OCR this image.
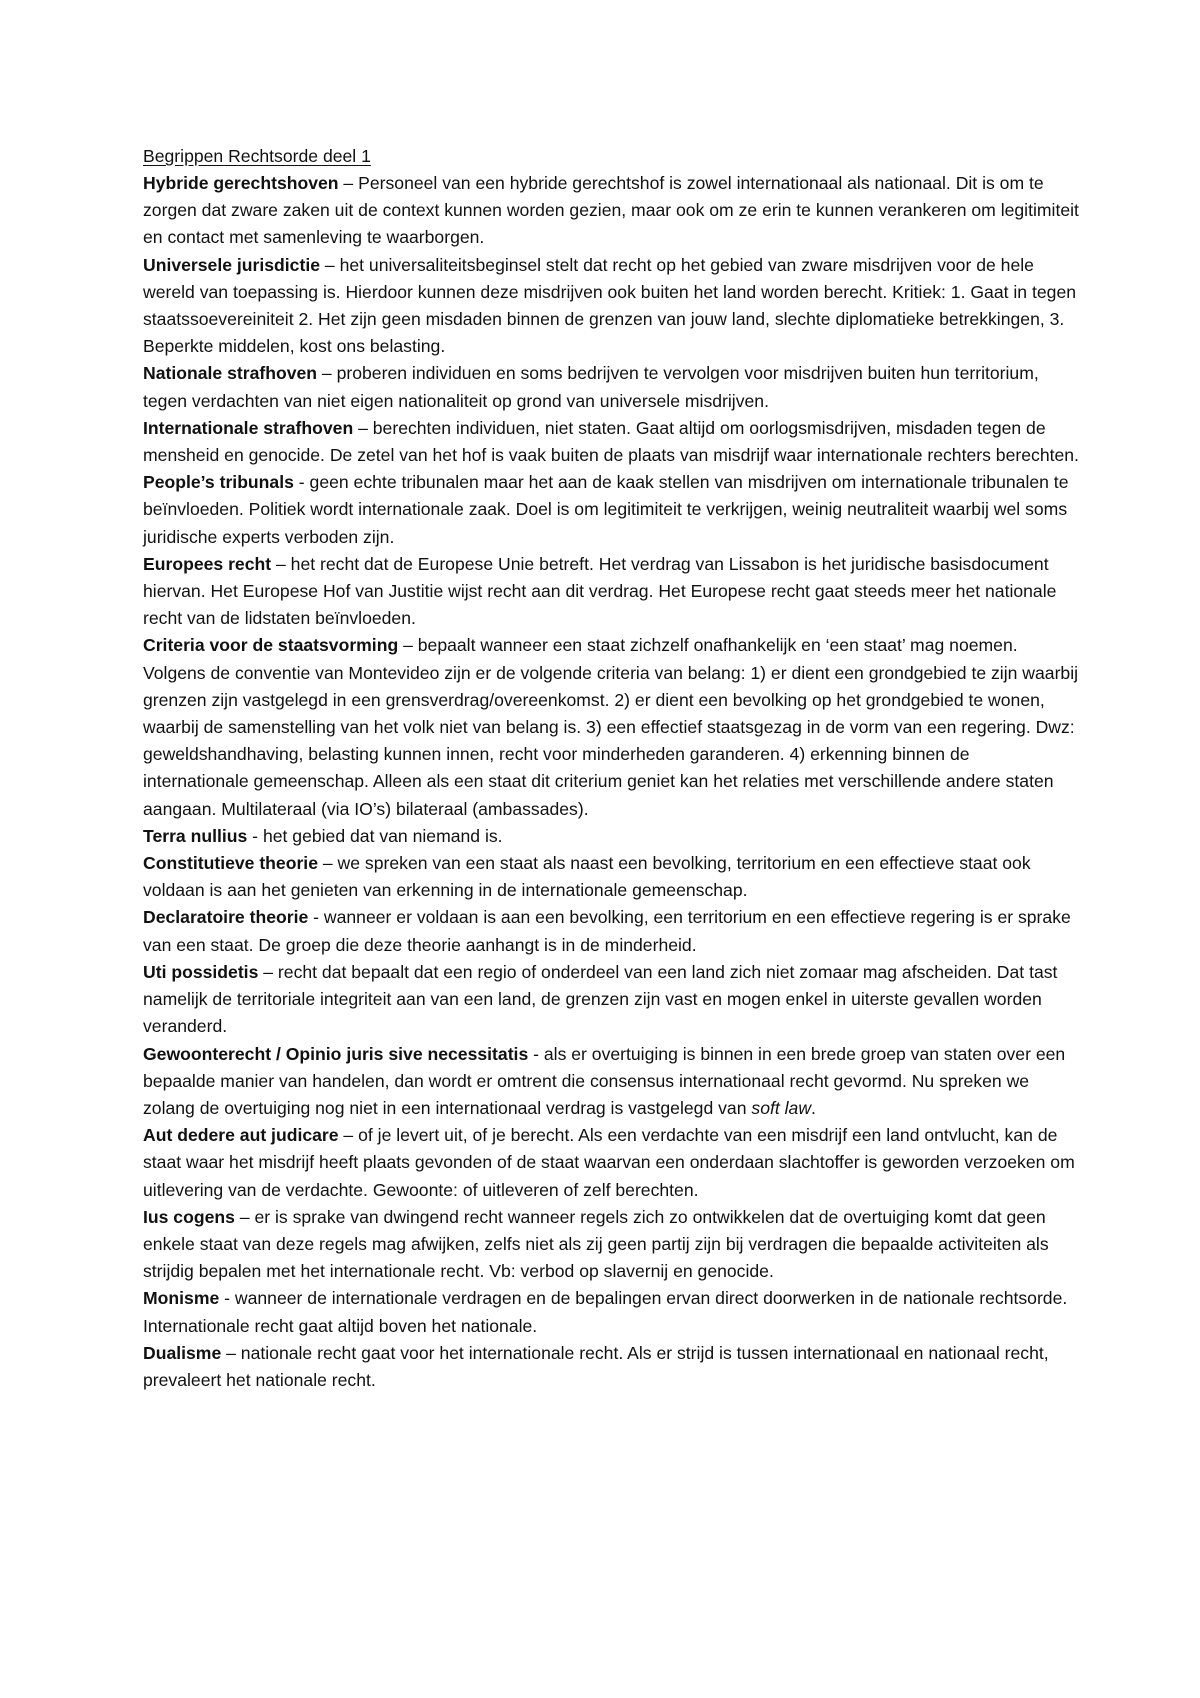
Begrippen Rechtsorde deel 1

Hybride gerechtshoven – Personeel van een hybride gerechtshof is zowel internationaal als nationaal. Dit is om te zorgen dat zware zaken uit de context kunnen worden gezien, maar ook om ze erin te kunnen verankeren om legitimiteit en contact met samenleving te waarborgen.

Universele jurisdictie – het universaliteitsbeginsel stelt dat recht op het gebied van zware misdrijven voor de hele wereld van toepassing is. Hierdoor kunnen deze misdrijven ook buiten het land worden berecht. Kritiek: 1. Gaat in tegen staatssoevereiniteit 2. Het zijn geen misdaden binnen de grenzen van jouw land, slechte diplomatieke betrekkingen, 3. Beperkte middelen, kost ons belasting.

Nationale strafhoven – proberen individuen en soms bedrijven te vervolgen voor misdrijven buiten hun territorium, tegen verdachten van niet eigen nationaliteit op grond van universele misdrijven.

Internationale strafhoven – berechten individuen, niet staten. Gaat altijd om oorlogsmisdrijven, misdaden tegen de mensheid en genocide. De zetel van het hof is vaak buiten de plaats van misdrijf waar internationale rechters berechten.

People’s tribunals - geen echte tribunalen maar het aan de kaak stellen van misdrijven om internationale tribunalen te beïnvloeden. Politiek wordt internationale zaak. Doel is om legitimiteit te verkrijgen, weinig neutraliteit waarbij wel soms juridische experts verboden zijn.

Europees recht – het recht dat de Europese Unie betreft. Het verdrag van Lissabon is het juridische basisdocument hiervan. Het Europese Hof van Justitie wijst recht aan dit verdrag. Het Europese recht gaat steeds meer het nationale recht van de lidstaten beïnvloeden.

Criteria voor de staatsvorming – bepaalt wanneer een staat zichzelf onafhankelijk en ‘een staat’ mag noemen. Volgens de conventie van Montevideo zijn er de volgende criteria van belang: 1) er dient een grondgebied te zijn waarbij grenzen zijn vastgelegd in een grensverdrag/overeenkomst. 2) er dient een bevolking op het grondgebied te wonen, waarbij de samenstelling van het volk niet van belang is. 3) een effectief staatsgezag in de vorm van een regering. Dwz: geweldshandhaving, belasting kunnen innen, recht voor minderheden garanderen. 4) erkenning binnen de internationale gemeenschap. Alleen als een staat dit criterium geniet kan het relaties met verschillende andere staten aangaan. Multilateraal (via IO’s) bilateraal (ambassades).

Terra nullius - het gebied dat van niemand is.

Constitutieve theorie – we spreken van een staat als naast een bevolking, territorium en een effectieve staat ook voldaan is aan het genieten van erkenning in de internationale gemeenschap.

Declaratoire theorie - wanneer er voldaan is aan een bevolking, een territorium en een effectieve regering is er sprake van een staat. De groep die deze theorie aanhangt is in de minderheid.

Uti possidetis – recht dat bepaalt dat een regio of onderdeel van een land zich niet zomaar mag afscheiden. Dat tast namelijk de territoriale integriteit aan van een land, de grenzen zijn vast en mogen enkel in uiterste gevallen worden veranderd.

Gewoonterecht / Opinio juris sive necessitatis - als er overtuiging is binnen in een brede groep van staten over een bepaalde manier van handelen, dan wordt er omtrent die consensus internationaal recht gevormd. Nu spreken we zolang de overtuiging nog niet in een internationaal verdrag is vastgelegd van soft law.

Aut dedere aut judicare – of je levert uit, of je berecht. Als een verdachte van een misdrijf een land ontvlucht, kan de staat waar het misdrijf heeft plaats gevonden of de staat waarvan een onderdaan slachtoffer is geworden verzoeken om uitlevering van de verdachte. Gewoonte: of uitleveren of zelf berechten.

Ius cogens – er is sprake van dwingend recht wanneer regels zich zo ontwikkelen dat de overtuiging komt dat geen enkele staat van deze regels mag afwijken, zelfs niet als zij geen partij zijn bij verdragen die bepaalde activiteiten als strijdig bepalen met het internationale recht. Vb: verbod op slavernij en genocide.

Monisme - wanneer de internationale verdragen en de bepalingen ervan direct doorwerken in de nationale rechtsorde. Internationale recht gaat altijd boven het nationale.

Dualisme – nationale recht gaat voor het internationale recht. Als er strijd is tussen internationaal en nationaal recht, prevaleert het nationale recht.
